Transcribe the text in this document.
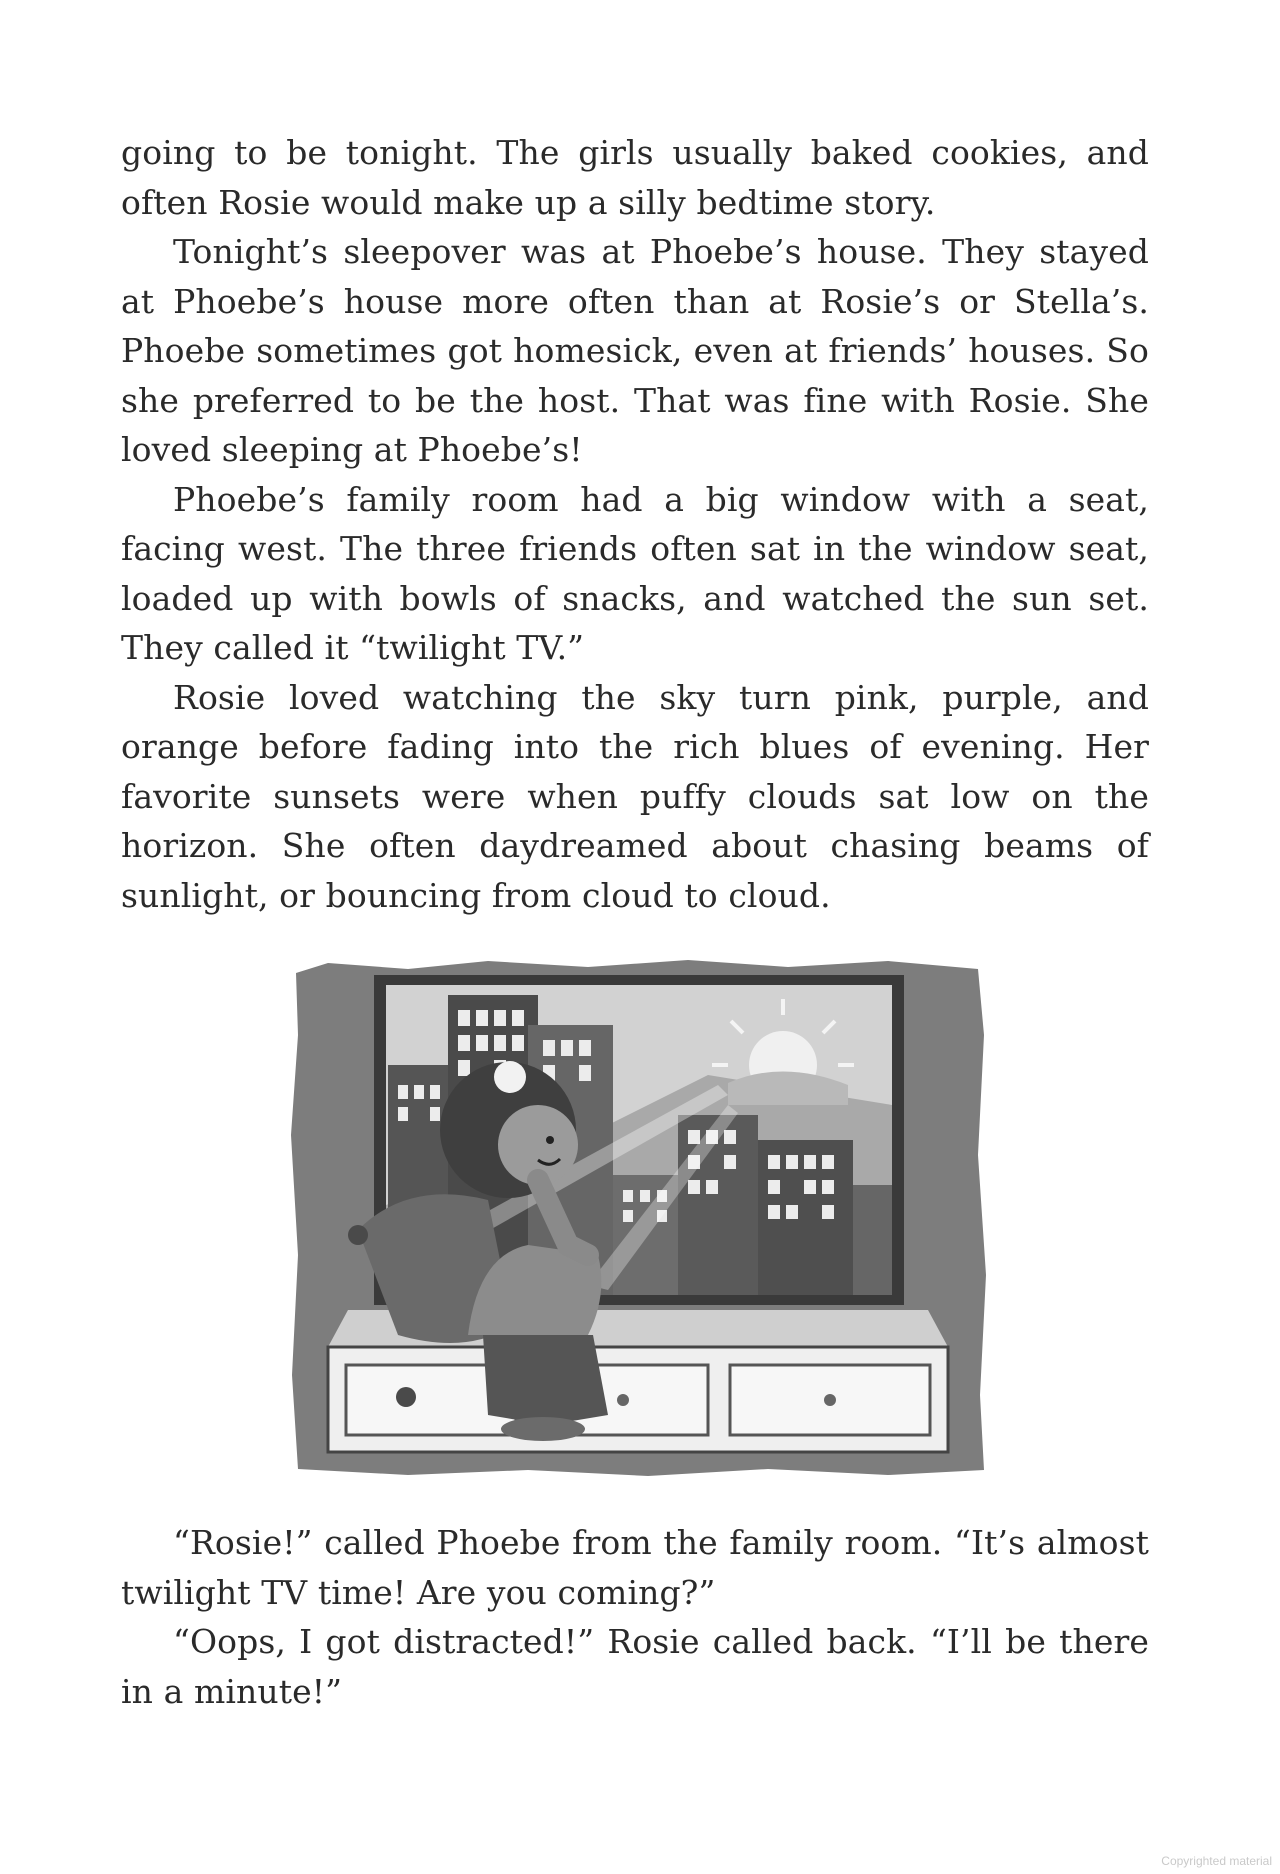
going to be tonight. The girls usually baked cookies, and often Rosie would make up a silly bedtime story.

Tonight’s sleepover was at Phoebe’s house. They stayed at Phoebe’s house more often than at Rosie’s or Stella’s. Phoebe sometimes got homesick, even at friends’ houses. So she preferred to be the host. That was fine with Rosie. She loved sleeping at Phoebe’s!

Phoebe’s family room had a big window with a seat, facing west. The three friends often sat in the window seat, loaded up with bowls of snacks, and watched the sun set. They called it “twilight TV.”

Rosie loved watching the sky turn pink, purple, and orange before fading into the rich blues of evening. Her favorite sunsets were when puffy clouds sat low on the horizon. She often daydreamed about chasing beams of sunlight, or bouncing from cloud to cloud.

“Rosie!” called Phoebe from the family room. “It’s almost twilight TV time! Are you coming?”

“Oops, I got distracted!” Rosie called back. “I’ll be there in a minute!”

Copyrighted material
